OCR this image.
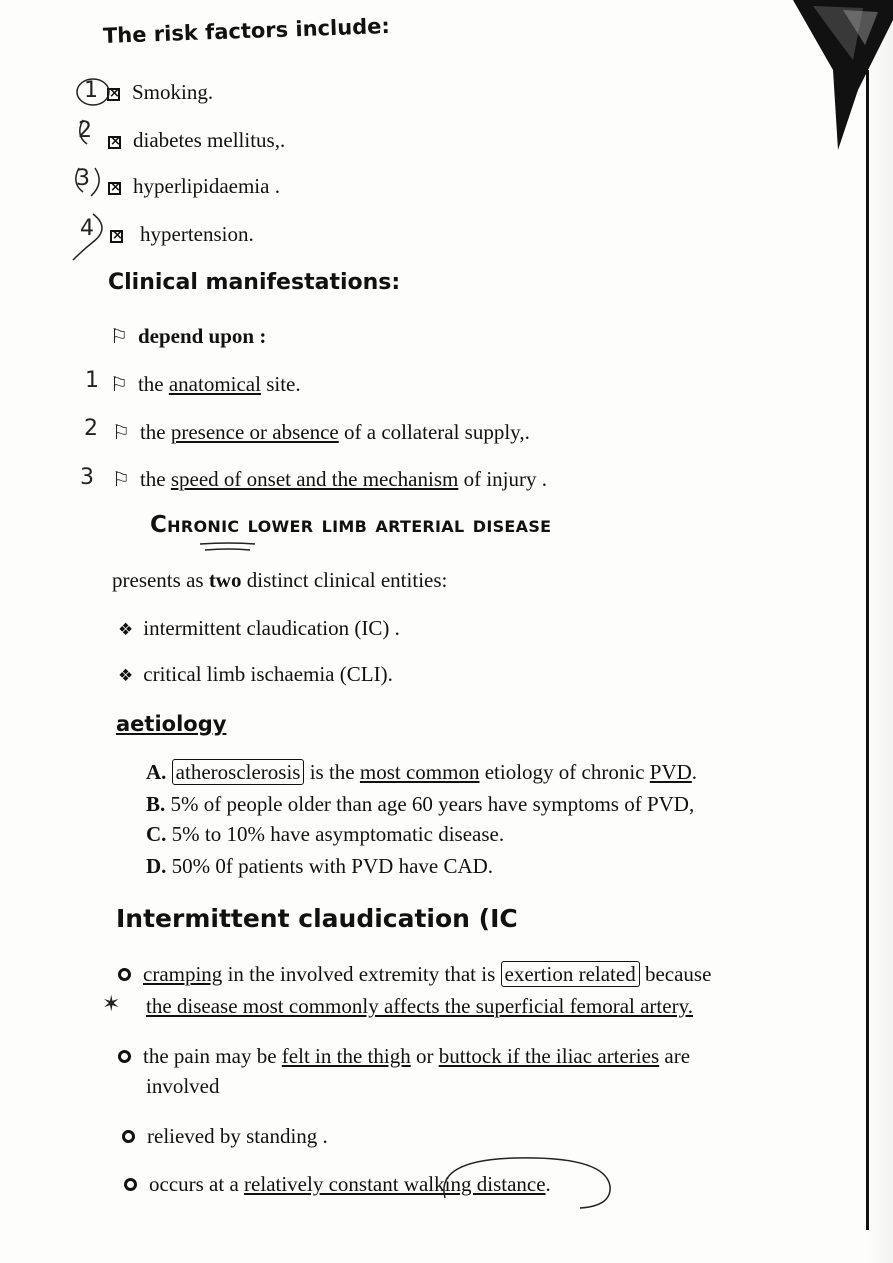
The risk factors include:
1 × Smoking.
2 × diabetes mellitus,.
3 × hyperlipidaemia .
4 × hypertension.
Clinical manifestations:
⚐ depend upon :
1 ⚐ the anatomical site.
2 ⚐ the presence or absence of a collateral supply,.
3 ⚐ the speed of onset and the mechanism of injury .
Chronic lower limb arterial disease
presents as two distinct clinical entities:
❖ intermittent claudication (IC) .
❖ critical limb ischaemia (CLI).
aetiology
A. atherosclerosis is the most common etiology of chronic PVD.
B. 5% of people older than age 60 years have symptoms of PVD,
C. 5% to 10% have asymptomatic disease.
D. 50% 0f patients with PVD have CAD.
Intermittent claudication (IC
cramping in the involved extremity that is exertion related because
✶ the disease most commonly affects the superficial femoral artery.
the pain may be felt in the thigh or buttock if the iliac arteries are
involved
relieved by standing .
occurs at a relatively constant walking distance.
